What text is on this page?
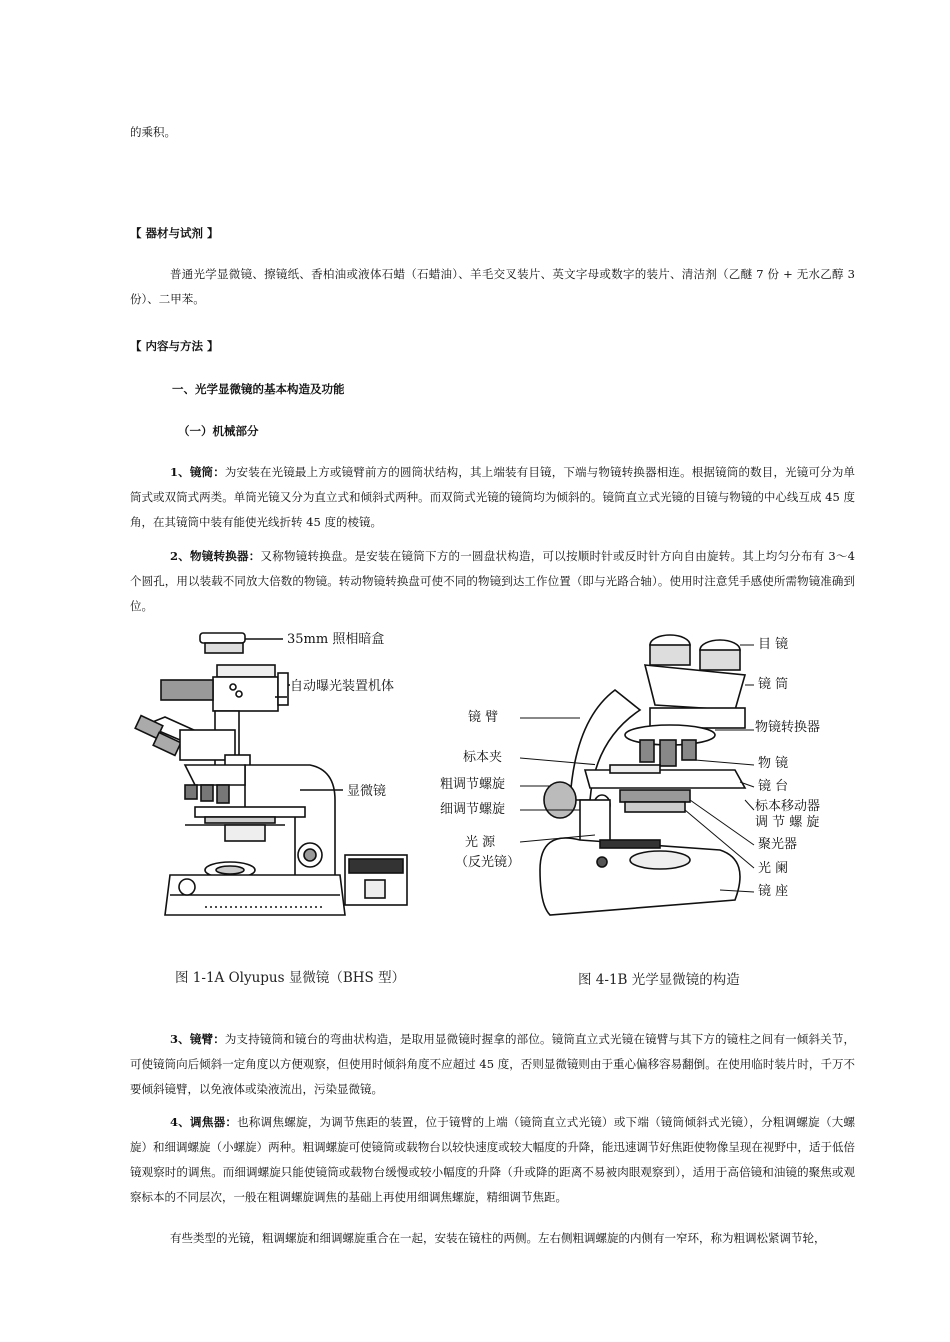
的乘积。
【 器材与试剂 】
普通光学显微镜、擦镜纸、香柏油或液体石蜡（石蜡油）、羊毛交叉装片、英文字母或数字的装片、清洁剂（乙醚 7 份 + 无水乙醇 3 份）、二甲苯。
【 内容与方法 】
一、光学显微镜的基本构造及功能
（一）机械部分
1、镜筒：为安装在光镜最上方或镜臂前方的圆筒状结构，其上端装有目镜，下端与物镜转换器相连。根据镜筒的数目，光镜可分为单筒式或双筒式两类。单筒光镜又分为直立式和倾斜式两种。而双筒式光镜的镜筒均为倾斜的。镜筒直立式光镜的目镜与物镜的中心线互成 45 度角，在其镜筒中装有能使光线折转 45 度的棱镜。
2、物镜转换器：又称物镜转换盘。是安装在镜筒下方的一圆盘状构造，可以按顺时针或反时针方向自由旋转。其上均匀分布有 3～4 个圆孔，用以装载不同放大倍数的物镜。转动物镜转换盘可使不同的物镜到达工作位置（即与光路合轴）。使用时注意凭手感使所需物镜准确到位。
35mm 照相暗盒
自动曝光装置机体
显微镜
图 1-1A Olyupus 显微镜（BHS 型）
镜 臂
标本夹
粗调节螺旋
细调节螺旋
光 源
（反光镜）
目 镜
镜 筒
物镜转换器
物 镜
镜 台
标本移动器
调 节 螺 旋
聚光器
光 阑
镜 座
图 4-1B 光学显微镜的构造
3、镜臂：为支持镜筒和镜台的弯曲状构造，是取用显微镜时握拿的部位。镜筒直立式光镜在镜臂与其下方的镜柱之间有一倾斜关节，可使镜筒向后倾斜一定角度以方便观察，但使用时倾斜角度不应超过 45 度，否则显微镜则由于重心偏移容易翻倒。在使用临时装片时，千万不要倾斜镜臂，以免液体或染液流出，污染显微镜。
4、调焦器：也称调焦螺旋，为调节焦距的装置，位于镜臂的上端（镜筒直立式光镜）或下端（镜筒倾斜式光镜），分粗调螺旋（大螺旋）和细调螺旋（小螺旋）两种。粗调螺旋可使镜筒或载物台以较快速度或较大幅度的升降，能迅速调节好焦距使物像呈现在视野中，适于低倍镜观察时的调焦。而细调螺旋只能使镜筒或载物台缓慢或较小幅度的升降（升或降的距离不易被肉眼观察到），适用于高倍镜和油镜的聚焦或观察标本的不同层次，一般在粗调螺旋调焦的基础上再使用细调焦螺旋，精细调节焦距。
有些类型的光镜，粗调螺旋和细调螺旋重合在一起，安装在镜柱的两侧。左右侧粗调螺旋的内侧有一窄环，称为粗调松紧调节轮，
